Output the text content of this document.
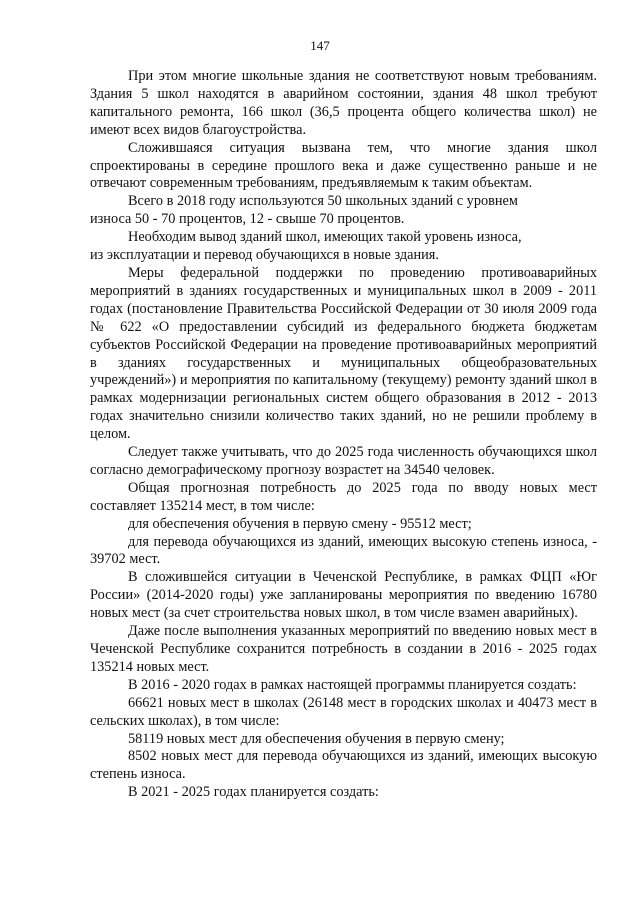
147

При этом многие школьные здания не соответствуют новым требованиям. Здания 5 школ находятся в аварийном состоянии, здания 48 школ требуют капитального ремонта, 166 школ (36,5 процента общего количества школ) не имеют всех видов благоустройства.

Сложившаяся ситуация вызвана тем, что многие здания школ спроектированы в середине прошлого века и даже существенно раньше и не отвечают современным требованиям, предъявляемым к таким объектам.

Всего в 2018 году используются 50 школьных зданий с уровнем

износа 50 - 70 процентов, 12 - свыше 70 процентов.

Необходим вывод зданий школ, имеющих такой уровень износа,

из эксплуатации и перевод обучающихся в новые здания.

Меры федеральной поддержки по проведению противоаварийных мероприятий в зданиях государственных и муниципальных школ в 2009 - 2011 годах (постановление Правительства Российской Федерации от 30 июля 2009 года № 622 «О предоставлении субсидий из федерального бюджета бюджетам субъектов Российской Федерации на проведение противоаварийных мероприятий в зданиях государственных и муниципальных общеобразовательных учреждений») и мероприятия по капитальному (текущему) ремонту зданий школ в рамках модернизации региональных систем общего образования в 2012 - 2013 годах значительно снизили количество таких зданий, но не решили проблему в целом.

Следует также учитывать, что до 2025 года численность обучающихся школ согласно демографическому прогнозу возрастет на 34540 человек.

Общая прогнозная потребность до 2025 года по вводу новых мест составляет 135214 мест, в том числе:

для обеспечения обучения в первую смену - 95512 мест;

для перевода обучающихся из зданий, имеющих высокую степень износа, - 39702 мест.

В сложившейся ситуации в Чеченской Республике, в рамках ФЦП «Юг России» (2014-2020 годы) уже запланированы мероприятия по введению 16780 новых мест (за счет строительства новых школ, в том числе взамен аварийных).

Даже после выполнения указанных мероприятий по введению новых мест в Чеченской Республике сохранится потребность в создании в 2016 - 2025 годах 135214 новых мест.

В 2016 - 2020 годах в рамках настоящей программы планируется создать:

66621 новых мест в школах (26148 мест в городских школах и 40473 мест в сельских школах), в том числе:

58119 новых мест для обеспечения обучения в первую смену;

8502 новых мест для перевода обучающихся из зданий, имеющих высокую степень износа.

В 2021 - 2025 годах планируется создать:
